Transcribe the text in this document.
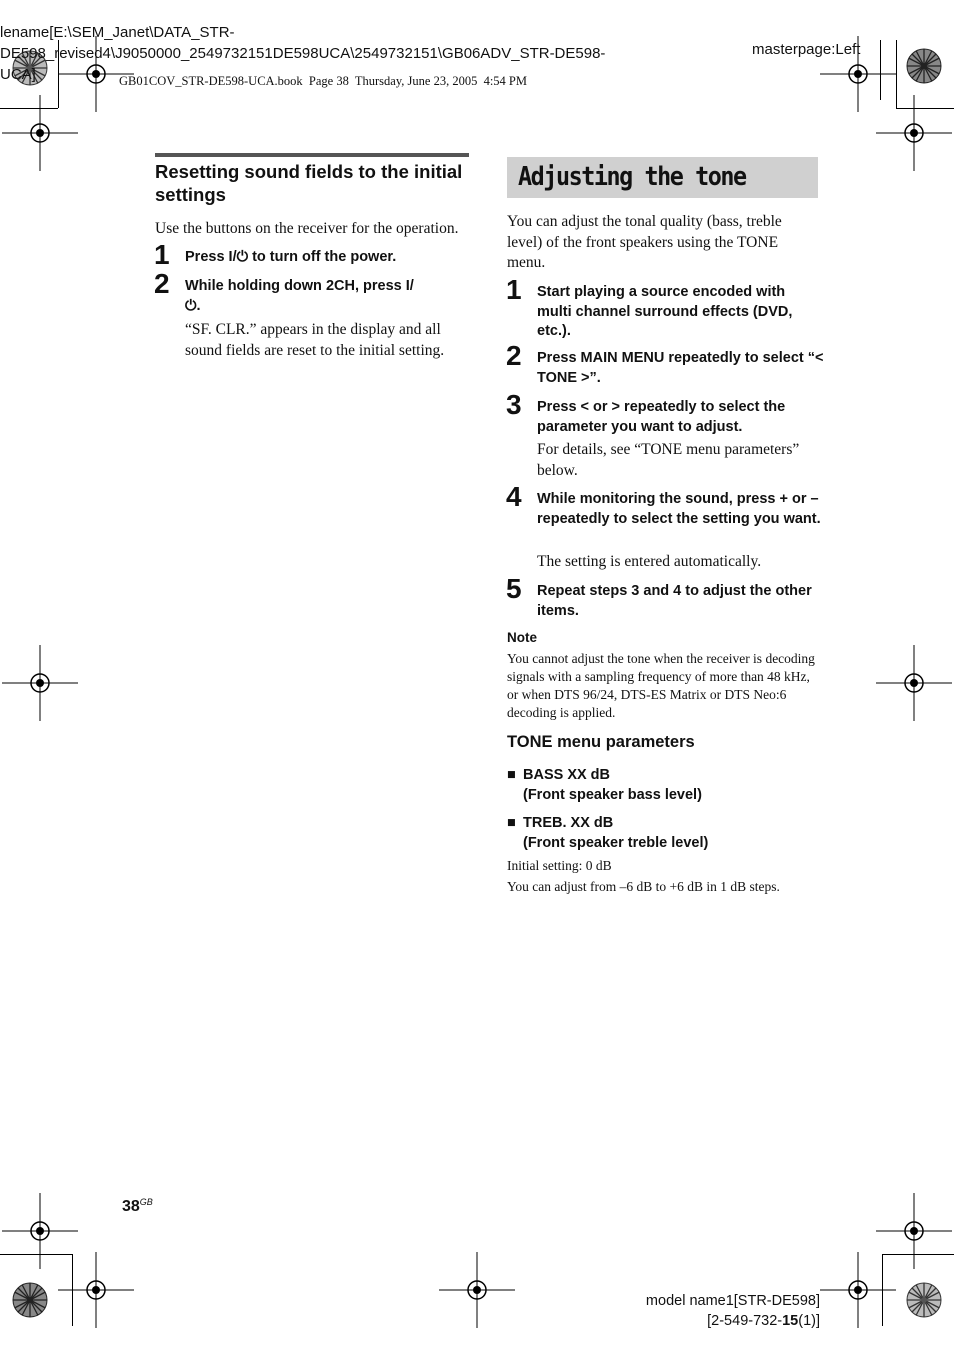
lename[E:\SEM_Janet\DATA_STR-
DE598_revised4\J9050000_2549732151DE598UCA\2549732151\GB06ADV_STR-DE598-
UCA]
masterpage:Left
GB01COV_STR-DE598-UCA.book  Page 38  Thursday, June 23, 2005  4:54 PM
Resetting sound fields to the initial settings
Use the buttons on the receiver for the operation.
1 Press I/⏻ to turn off the power.
2 While holding down 2CH, press I/⏻.
“SF. CLR.” appears in the display and all sound fields are reset to the initial setting.
Adjusting the tone
You can adjust the tonal quality (bass, treble level) of the front speakers using the TONE menu.
1 Start playing a source encoded with multi channel surround effects (DVD, etc.).
2 Press MAIN MENU repeatedly to select “< TONE >”.
3 Press < or > repeatedly to select the parameter you want to adjust.
For details, see “TONE menu parameters” below.
4 While monitoring the sound, press + or – repeatedly to select the setting you want.
The setting is entered automatically.
5 Repeat steps 3 and 4 to adjust the other items.
Note
You cannot adjust the tone when the receiver is decoding signals with a sampling frequency of more than 48 kHz, or when DTS 96/24, DTS-ES Matrix or DTS Neo:6 decoding is applied.
TONE menu parameters
■ BASS XX dB
(Front speaker bass level)
■ TREB. XX dB
(Front speaker treble level)
Initial setting: 0 dB
You can adjust from –6 dB to +6 dB in 1 dB steps.
$38^{GB}$
model name1[STR-DE598]
[2-549-732-15(1)]
